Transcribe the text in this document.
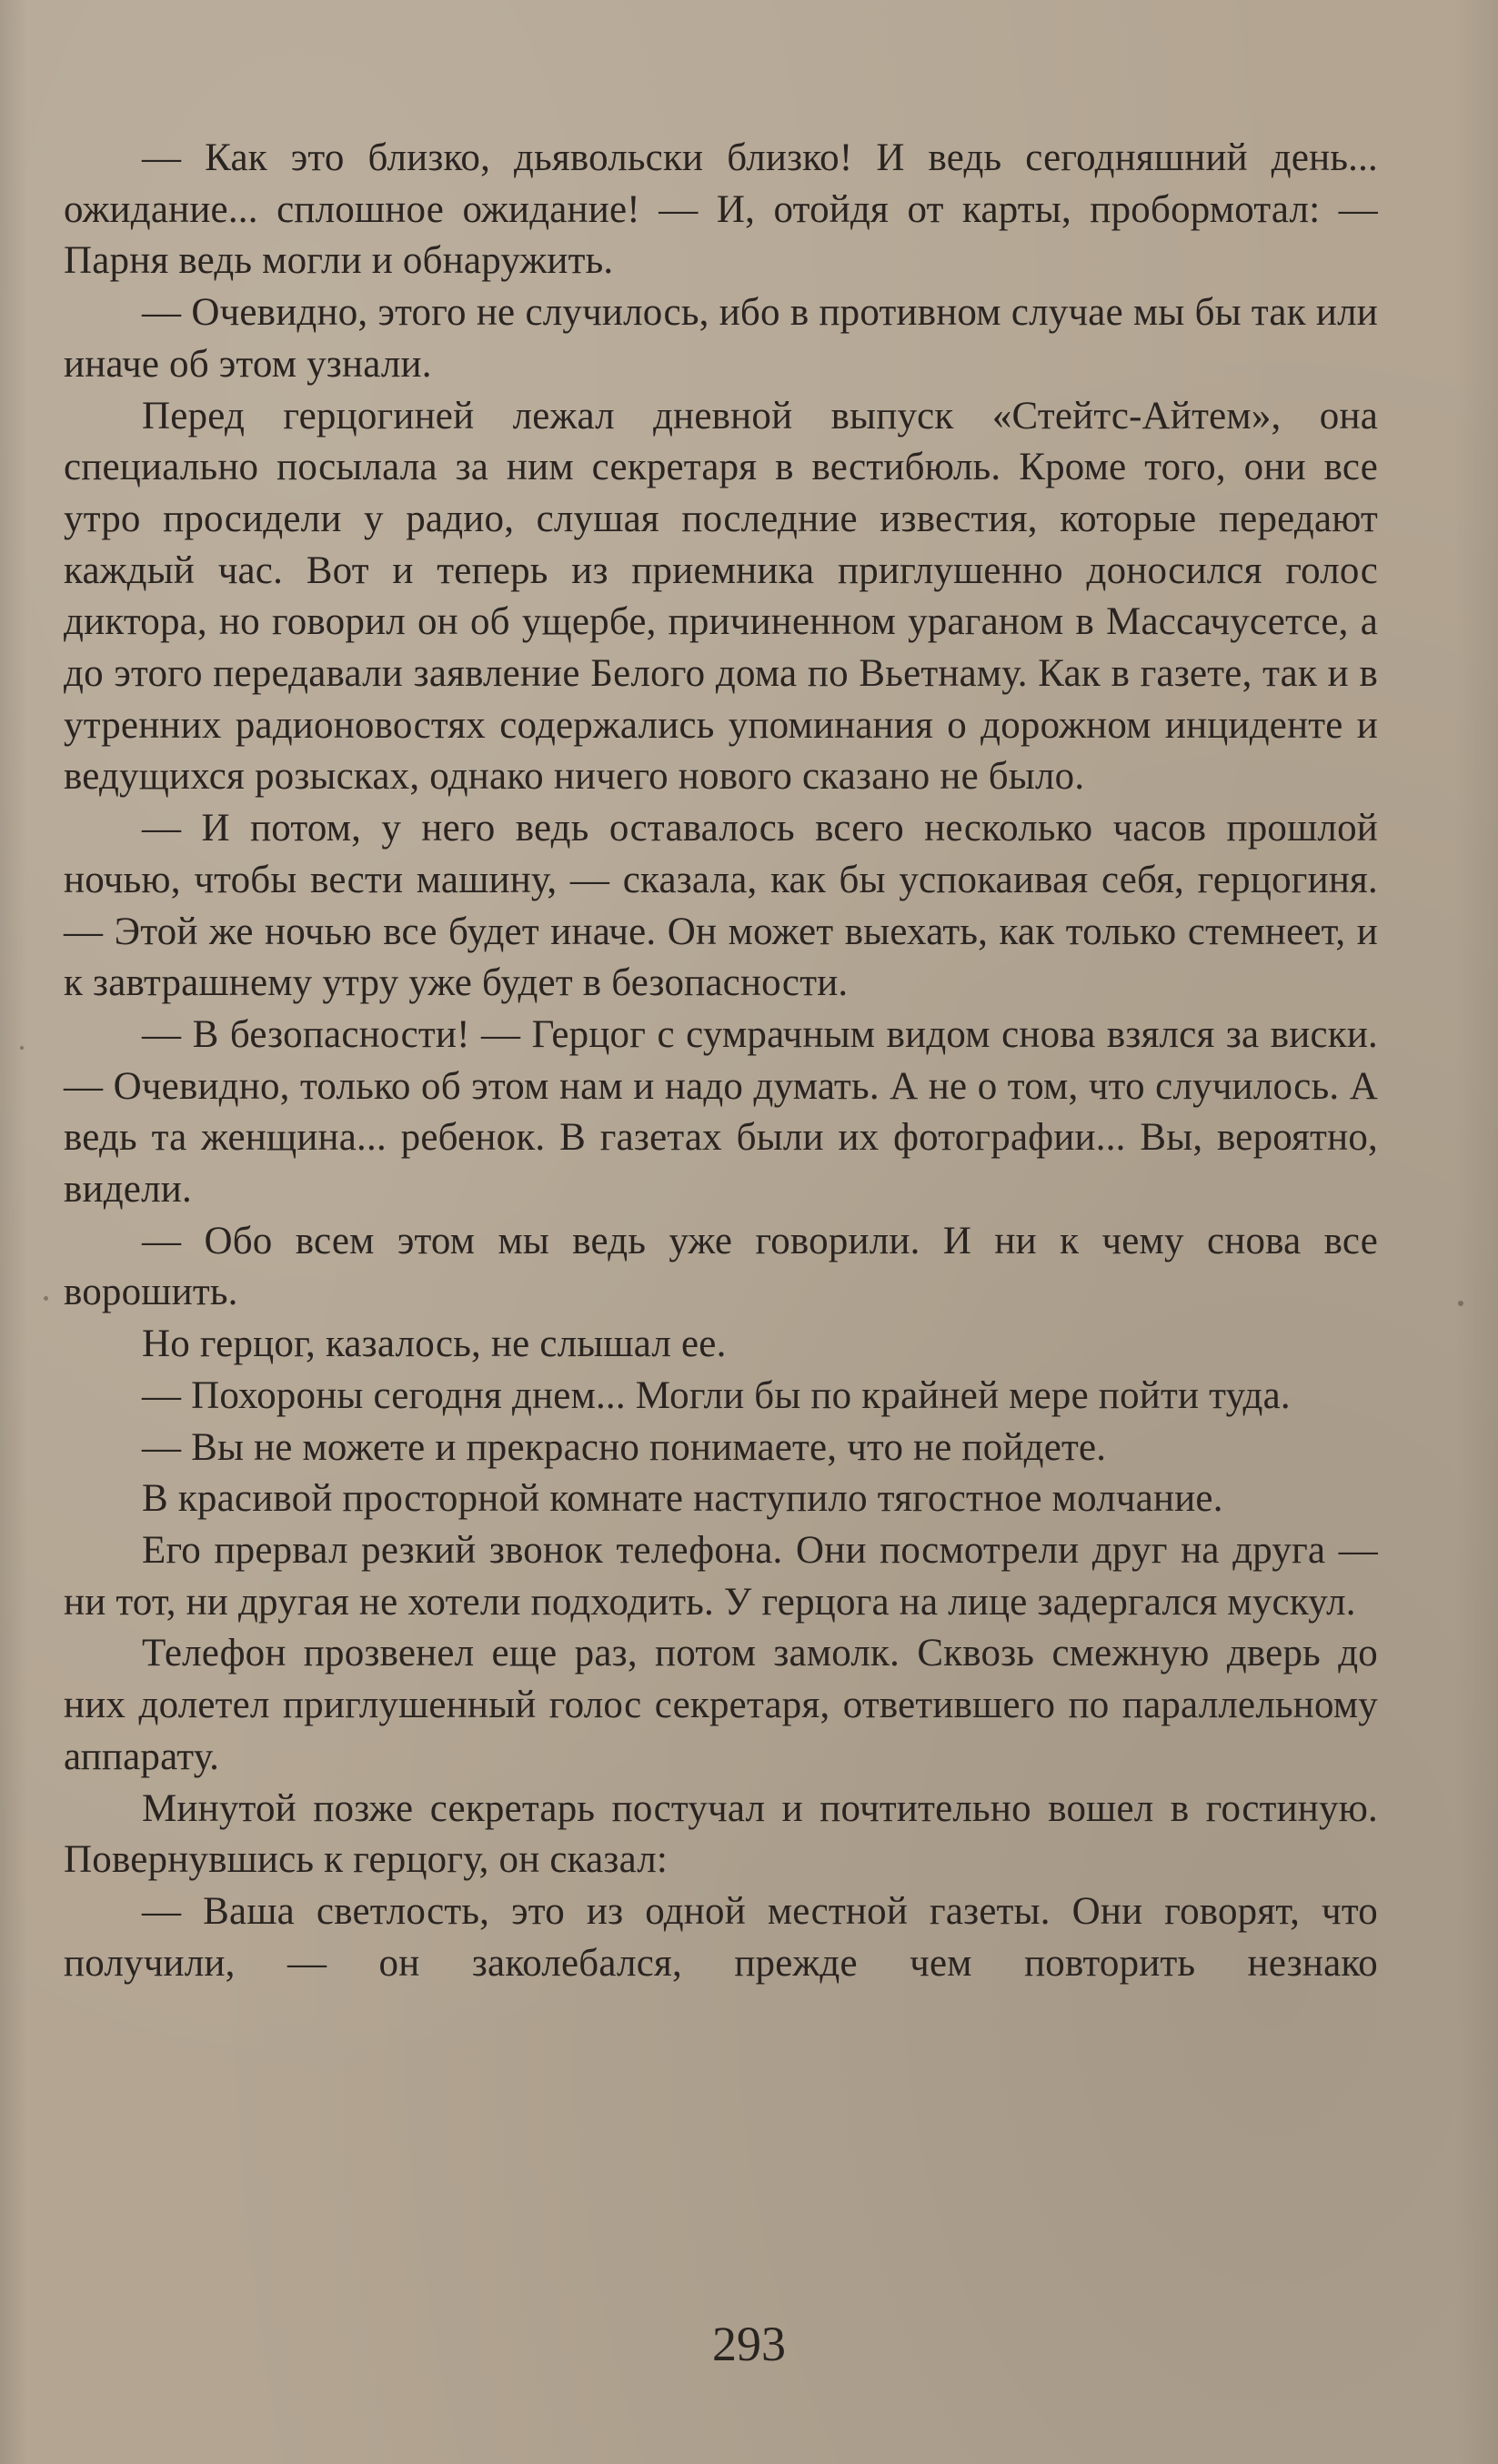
— Как это близко, дьявольски близко! И ведь сегодняшний день... ожидание... сплошное ожидание! — И, отойдя от карты, пробормотал: — Парня ведь могли и обнаружить.

— Очевидно, этого не случилось, ибо в противном случае мы бы так или иначе об этом узнали.

Перед герцогиней лежал дневной выпуск «Стейтс-Айтем», она специально посылала за ним секретаря в вестибюль. Кроме того, они все утро просидели у радио, слушая последние известия, которые передают каждый час. Вот и теперь из приемника приглушенно доносился голос диктора, но говорил он об ущербе, причиненном ураганом в Массачусетсе, а до этого передавали заявление Белого дома по Вьетнаму. Как в газете, так и в утренних радионовостях содержались упоминания о дорожном инциденте и ведущихся розысках, однако ничего нового сказано не было.

— И потом, у него ведь оставалось всего несколько часов прошлой ночью, чтобы вести машину, — сказала, как бы успокаивая себя, герцогиня. — Этой же ночью все будет иначе. Он может выехать, как только стемнеет, и к завтрашнему утру уже будет в безопасности.

— В безопасности! — Герцог с сумрачным видом снова взялся за виски. — Очевидно, только об этом нам и надо думать. А не о том, что случилось. А ведь та женщина... ребенок. В газетах были их фотографии... Вы, вероятно, видели.

— Обо всем этом мы ведь уже говорили. И ни к чему снова все ворошить.

Но герцог, казалось, не слышал ее.

— Похороны сегодня днем... Могли бы по крайней мере пойти туда.

— Вы не можете и прекрасно понимаете, что не пойдете.

В красивой просторной комнате наступило тягостное молчание.

Его прервал резкий звонок телефона. Они посмотрели друг на друга — ни тот, ни другая не хотели подходить. У герцога на лице задергался мускул.

Телефон прозвенел еще раз, потом замолк. Сквозь смежную дверь до них долетел приглушенный голос секретаря, ответившего по параллельному аппарату.

Минутой позже секретарь постучал и почтительно вошел в гостиную. Повернувшись к герцогу, он сказал:

— Ваша светлость, это из одной местной газеты. Они говорят, что получили, — он заколебался, прежде чем повторить незнако

293
